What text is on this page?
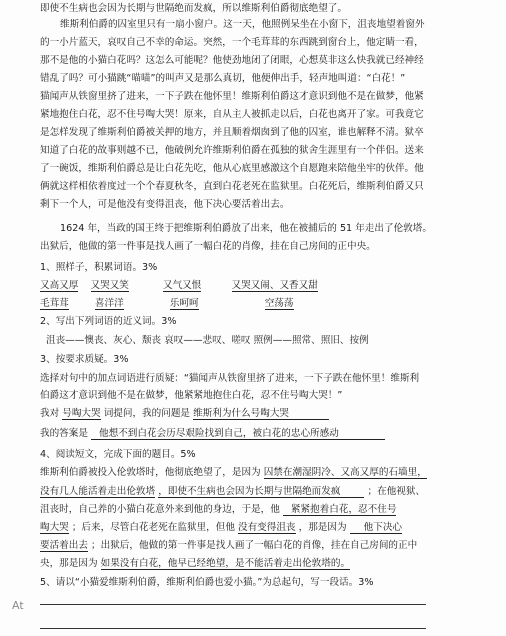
即使不生病也会因为长期与世隔绝而发疯，所以维斯利伯爵彻底绝望了。
维斯利伯爵的囚室里只有一扇小窗户。这一天，他照例呆坐在小窗下，沮丧地望着窗外
的一小片蓝天，哀叹自己不幸的命运。突然，一个毛茸茸的东西跳到窗台上，他定睛一看，
那不是他的小猫白花吗？这怎么可能呢？他使劲地闭了闭眼，心想莫非这么快我就已经神经
错乱了吗？可小猫跳“喵喵”的叫声又是那么真切，他便伸出手，轻声地叫道：“白花！”
猫闻声从铁窗里挤了进来，一下子跌在他怀里！维斯利伯爵这才意识到他不是在做梦，他紧
紧地抱住白花，忍不住号啕大哭！原来，自从主人被抓走以后，白花也离开了家。可我竟它
是怎样发现了维斯利伯爵被关押的地方，并且顺着烟囱到了他的囚室，谁也解释不清。狱卒
知道了白花的故事则越不已，他破例允许维斯利伯爵在孤独的狱舍生涯里有一个伴侣。送来
了一碗饭，维斯利伯爵总是让白花先吃，他从心底里感激这个自愿跑来陪他坐牢的伙伴。他
俩就这样相依着度过一个个春夏秋冬，直到白花老死在监狱里。白花死后，维斯利伯爵又只
剩下一个人，可是他没有变得沮丧，他下决心要活着出去。
1624 年，当政的国王终于把维斯利伯爵放了出来，他在被捕后的 51 年走出了伦敦塔。
出狱后，他做的第一件事是找人画了一幅白花的肖像，挂在自己房间的正中央。
1、照样子，积累词语。3%
又高又厚 又哭又笑	又气又恨	又哭又闹、又香又甜
毛茸茸	喜洋洋	乐呵呵	空荡荡
2、写出下列词语的近义词。3%
沮丧——懊丧、灰心、颓丧 哀叹——悲叹、嗟叹 照例——照常、照旧、按例
3、按要求质疑。3%
选择对句中的加点词语进行质疑：“猫闻声从铁窗里挤了进来，一下子跌在他怀里！维斯利
伯爵这才意识到他不是在做梦，他紧紧地抱住白花，忍不住号啕大哭！”
我对 号啕大哭 词提问，我的问题是 维斯利为什么号啕大哭
我的答案是 他想不到白花会历尽艰险找到自己，被白花的忠心所感动
4、阅读短文，完成下面的题目。5%
维斯利伯爵被投入伦敦塔时，他彻底绝望了，是因为 囚禁在潮湿阴冷、又高又厚的石墙里，
没有几人能活着走出伦敦塔 ，即使不生病也会因为长期与世隔绝而发疯	；在他视狱、
沮丧时，自己养的小猫白花意外来到他的身边，于是，他 紧紧抱着白花，忍不住号
啕大哭 ；后来，尽管白花老死在监狱里，但他 没有变得沮丧 ，那是因为 他下决心
要活着出去 ；出狱后，他做的第一件事是找人画了一幅白花的肖像，挂在自己房间的正中
央，那是因为 如果没有白花，他早已经绝望，是不能活着走出伦敦塔的。
5、请以“小猫爱维斯利伯爵，维斯利伯爵也爱小猫。”为总起句，写一段话。3%
At
